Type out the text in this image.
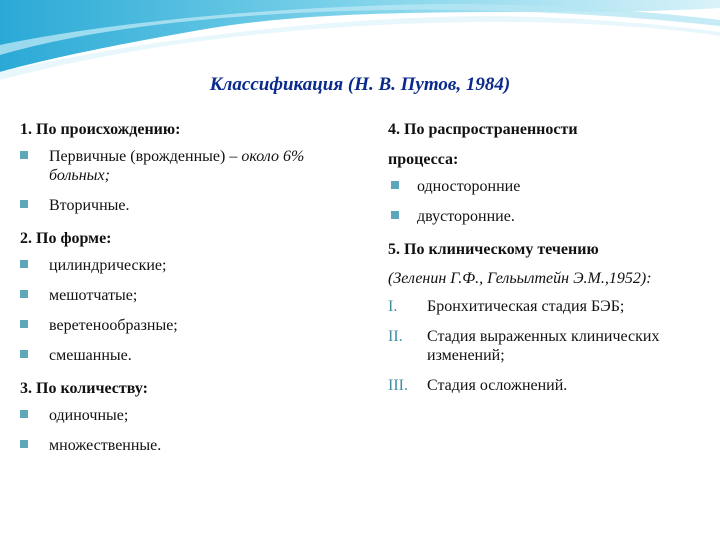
Классификация (Н. В. Путов, 1984)
1. По происхождению:
Первичные (врожденные) – около 6% больных;
Вторичные.
2. По форме:
цилиндрические;
мешотчатые;
веретенообразные;
смешанные.
3. По количеству:
одиночные;
множественные.
4. По распространенности
процесса:
односторонние
двусторонние.
5. По клиническому течению
(Зеленин Г.Ф., Гельылтейн Э.М.,1952):
I. Бронхитическая стадия БЭБ;
II. Стадия выраженных клинических изменений;
III. Стадия осложнений.
